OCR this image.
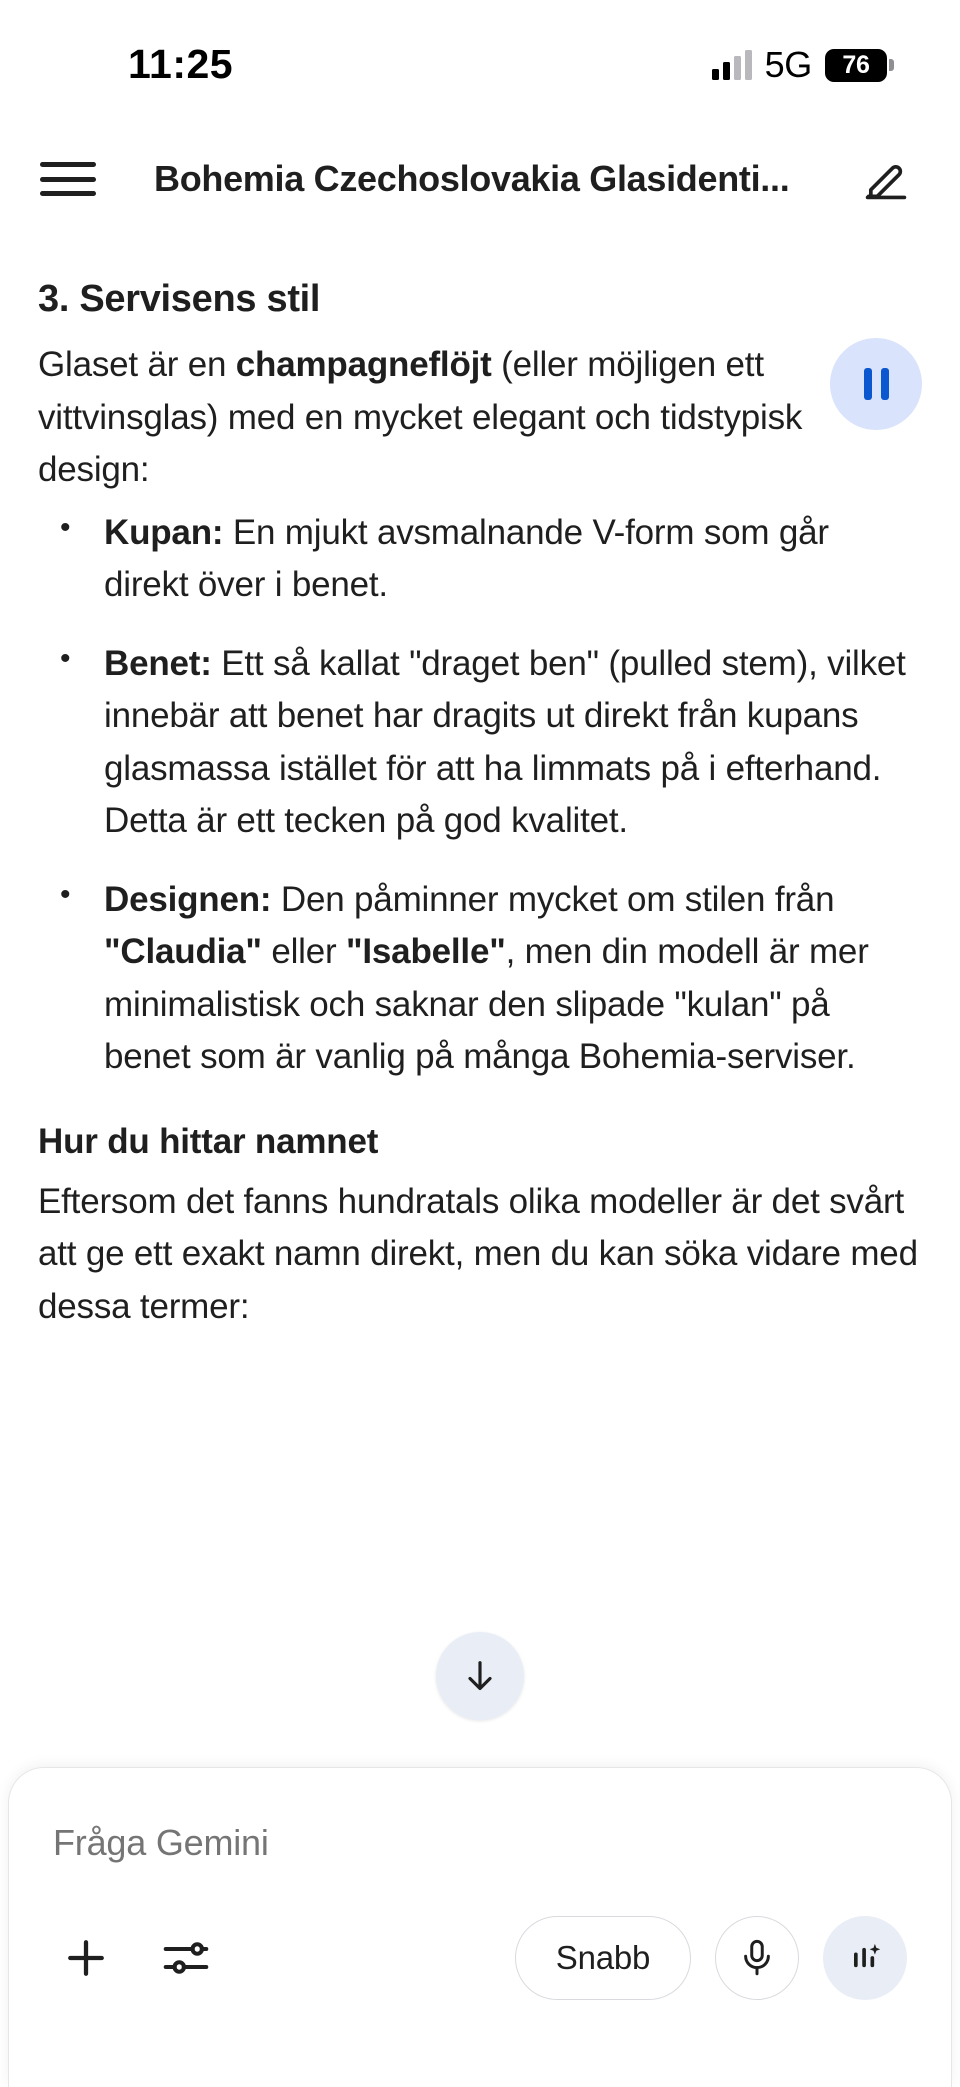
11:25	5G 76
Bohemia Czechoslovakia Glasidenti...
3. Servisens stil
Glaset är en champagneflöjt (eller möjligen ett vittvinsglas) med en mycket elegant och tidstypisk design:
• Kupan: En mjukt avsmalnande V-form som går direkt över i benet.
• Benet: Ett så kallat "draget ben" (pulled stem), vilket innebär att benet har dragits ut direkt från kupans glasmassa istället för att ha limmats på i efterhand. Detta är ett tecken på god kvalitet.
• Designen: Den påminner mycket om stilen från "Claudia" eller "Isabelle", men din modell är mer minimalistisk och saknar den slipade "kulan" på benet som är vanlig på många Bohemia-serviser.
Hur du hittar namnet
Eftersom det fanns hundratals olika modeller är det svårt att ge ett exakt namn direkt, men du kan söka vidare med dessa termer:
Fråga Gemini
Snabb
